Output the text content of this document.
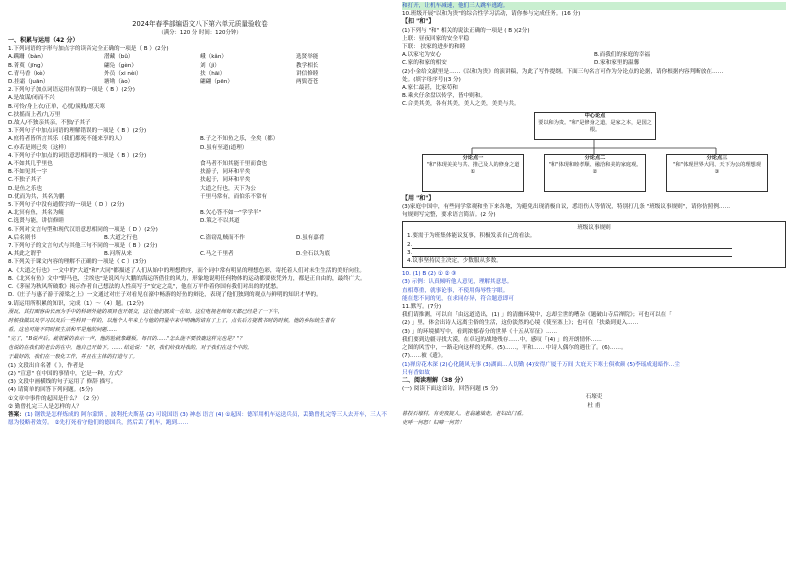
2024年春季部编语文八下第六单元质量验收卷
（满分：120 分 时间：120分钟）
一、积累与运用（42 分）
1.下列词语的字形与加点字的读音完全正确的一项是（ B ）(2分)
A.蹒跚（bàn）	潜藏（bǔ）	峨（kǎn）	选贤举能
B.菁萸（jīng）	翩凫（ɡèn）	刘（jì）	教学相长
C.青马香（kè）	外员（xi nèi）	扶（hāi）	讲信修睦
D.挂霜（juān）	塘坳（ào）	翩翩（pēn）	两鬓苍苍
2.下列句子加点词语运用有误的一项是（ B ）(2分)
A.是故谋/闭而不兴
B.可怜/身上衣/正单，心忧/炭贱/愿天寒
C.扶摇而上者/九万里
D.故人/不独亲其亲，不独/子其子
3.下列句子中加点词语的理解错误的一项是（ B ）(2分)
A.庶将者皆所言其乐（我们都死不能来享的人）	B.子之不知鱼之乐，全矣（都）
C.亦若是则已矣（这样）	D.虽有至道(道理）
4.下列句子中加点的词语意思相同的一项是（ B ）(2分)
A.不如其几乎里也	食马者不知其能千里而食也
B.不如见其一字	扶游子，同环和平矣
C.不独子其子	扶起于，同环和平矣
D.是鱼之乐也	大道之行也，天下为公
D.优而为共，其名为鹏	千里马常有，而伯乐不常有
5.下列句子中没有通假字的一项是（ D ）(2分)
A.北冥有鱼，其名为鲲	B.欠心答不如一"学学半"
C.选贤与能，讲信修睦	D.策之不以其道
6.下列对文言句型和现代汉语意思相同的一项是（ D ）(2分)
A.后名则书	B.大道之行也	C.盗窃乱贼而不作	D.虽有嘉肴
7.下列句子的文言句式与其他三句不同的一项是（ B ）(2分)
A.其此之谓乎	B.河所从来	C.马之千里者	D.全石以为底
8.下列关于课文内容的理解不正确的一项是（ C ）(3分)
A.《大道之行也》一文中的"大道"和"大同"都描述了人们从始中的理想秩序，而个词中常有明显的理想色彩，寄托着人们对未生生活的美好向往。
B.《北冥有鱼》文中"野马也，尘埃也"是说风与大鹏的海运所借住的风力，形象地说明任何物体的运动都要依凭外力，都是正自由的，最终广大。
C.《茅屋为秋风所破歌》揭示作者自己想法的人性高写于"安定之乱"，他在万平作着你国有我们对出的的忧愁。
D.《庄子与惠子游于濠梁之上》一文通过对庄子对看见在濠中畅游的好鱼的辩论，表现了他们独到的观点与鲜明的知识才华的。
9.请运用所积累的知识，完成（1）～（4）题。(12分)
漫瓦，其打面容由长而为手中的科研外能的项目也开展交，这让他们展成一在如。这位电视老师每天都已经是了一下午，
时候我做以及学习以及后一些科目一样的，以他个人年来上与他的同量中来中明确的请有了上了，点名后方提教书时的时候，他的乡际统生者有
看，这也可能不同时候生活和平是他的问题……
"完了，"B说声后。就很紧的表示一声，他的脸就象雌板。每日的……"怎么能不要放鹿这样完也是？"？
也说的在我们的老公的在中，他自己开始下。…… 结论说： "好，我们给我对我的，对于我们在这个中的。
于最好的，我们在一般化工作，并且在主体的打造与了。
(1) 文段出自名著《 》，作者是
(2) "宣意" 在中国的事情中，它是一种，方式？
(3) 文段中画横线的句子运用了 修辞 描写。
(4) 请简单的回答下列问题。(5分)
①文章中事件的起因是什么？（2 分）
② 勤曾扎完三人是怎样的人？
答案：(1) 钢铁是怎样炼成的 阿尔蒙斯 ，波利托夫斯基 (2) 可说国语 (3) 神态 语言 (4) ①起因：德军用机车运送兵员，丢勤曾扎完等三人去开车，三人不愿为侵略者效劳。 ②先打死看守他们的德国兵，然后丢了机车，跑到……
和打开，让机车减速，他们三人跳车逃跑。
10.班级开展"以和为贵"的综合性学习活动，请你参与完成任务。(16 分)
【扣 "和"】
(1)下列与 "和" 相关的说法正确的一项是 ( B )(2分)
上联：昼夜回家的安全平稳
下联： 扶家的进步的和睦
A.以家宅为安心	B.而我们的家庭的幸福
C.家的和家的相安	D.家和家里的温馨
(2)小金给文献里是……《以和为贵》的演讲稿，为此了写作提纲。下面三句名言可作为分论点的论据，请你根据内容判断放在……
处。(填字母序号)(3 分)
A.家仁最甚，比家苟和
B.乘火仔余盘以传学，皆中则和。
C.合美其美，各有其美，美人之美，美美与共。
中心论点
要以和为贵。"和"是修身之道，是家之本，是国之根。
分论点一
"和"体现美美与共、推己及人的修身之道
①
分论点二
"和"体现和睦孝顺、融洽和美的家庭观。
②
分论点三
"和"体现世界大同、天下为公的理想观
③
【用 "和"】
(3)家庭中国中，有些同学常观和坐下来各地，为避免出现消极自议，悉语伤人等情况，特别打几条 "班级议事规则"，请你仿照例……
句规则写完整，要求语言简洁。(2 分)
班级议事规则
1.要需于为班集体能议复事，积极发表自己的看法。
2.
3.
4.议事坚持民主决定，少数服从多数。
10. (1) B (2) ① ② ③
(3) 示例：认真倾听他人意见，理解其意思。
直相尊重，就事论事，不使用侮辱性字眼。
能在您不同的见，在求同存异，符合题意即可
11.默写。(7分)
我们请推测，可以自「由远道造出，(1) 」的清幽环境中，忘却尘世的嘈杂《题破山寺后禅院》；可也可以在「
(2) 」里，体会出诗人远离尘俗的生活，这份淡然的心境《使至塞上》；也可在「扶桑到更入……
(3) 」的环境描写中，看到浓郁春分的世界《十五从军征》……
我们要到边疆寻找大漠，在卓冠的战地残存……中，感叹「(4) 」的开朗情怀……
之图的风雪中，一路走向这样的光辉。(5)……，平和…… 中诗人偶尔的遇仕了。(6)……。
(7)……被《遗》。
(1)禅房花木深 (2)心化随风无事 (3)湖面…人切勤 (4)安得广厦千万间 大庇天下寒士俱欢颜 (5)李瑶成退暗作…尘
只有香如故
二、阅读理解（38 分）
(一) 阅读下面这首诗，回答问题 (5 分)
石壕吏
杜 甫
暮投石壕村，有吏夜捉人。老翁逾墙走，老妇出门看。
吏呼一何怒！妇啼一何苦！
